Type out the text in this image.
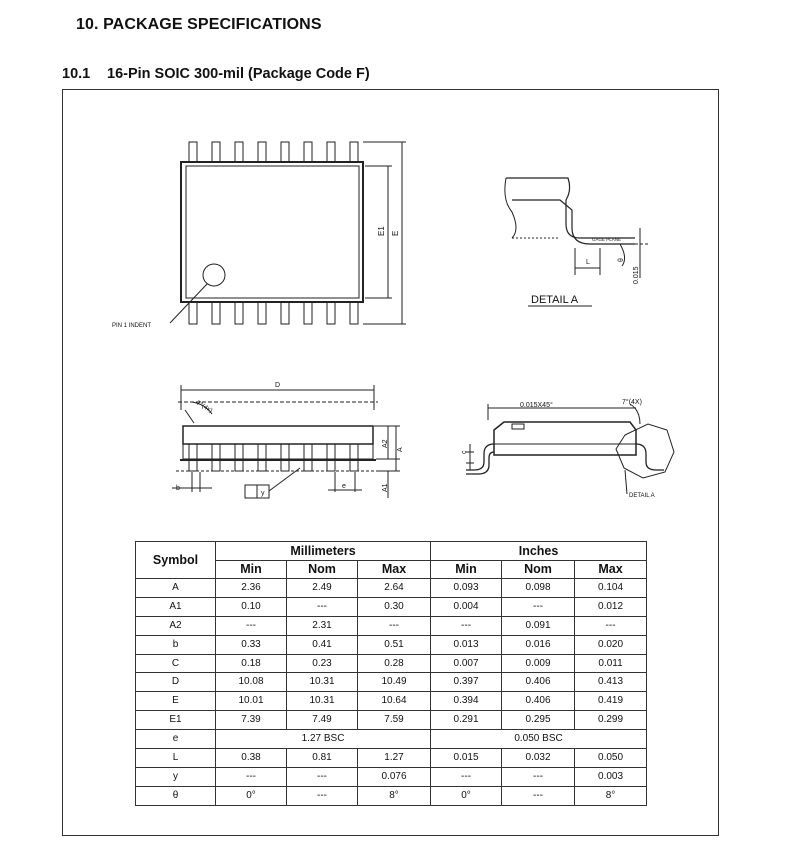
10. PACKAGE SPECIFICATIONS
10.1 16-Pin SOIC 300-mil (Package Code F)
PIN 1 INDENT
E1 E
GAGE PLANE
L	θ
0.015
DETAIL A
D
7°(4x)
A2
A
A1
b	e
y
0.015X45°	7°(4X)
c
DETAIL A
Symbol	Millimeters			Inches		
	Min	Nom	Max	Min	Nom	Max
A	2.36	2.49	2.64	0.093	0.098	0.104
A1	0.10	---	0.30	0.004	---	0.012
A2	---	2.31	---	---	0.091	---
b	0.33	0.41	0.51	0.013	0.016	0.020
C	0.18	0.23	0.28	0.007	0.009	0.011
D	10.08	10.31	10.49	0.397	0.406	0.413
E	10.01	10.31	10.64	0.394	0.406	0.419
E1	7.39	7.49	7.59	0.291	0.295	0.299
e	1.27 BSC			0.050 BSC		
L	0.38	0.81	1.27	0.015	0.032	0.050
y	---	---	0.076	---	---	0.003
θ	0°	---	8°	0°	---	8°
